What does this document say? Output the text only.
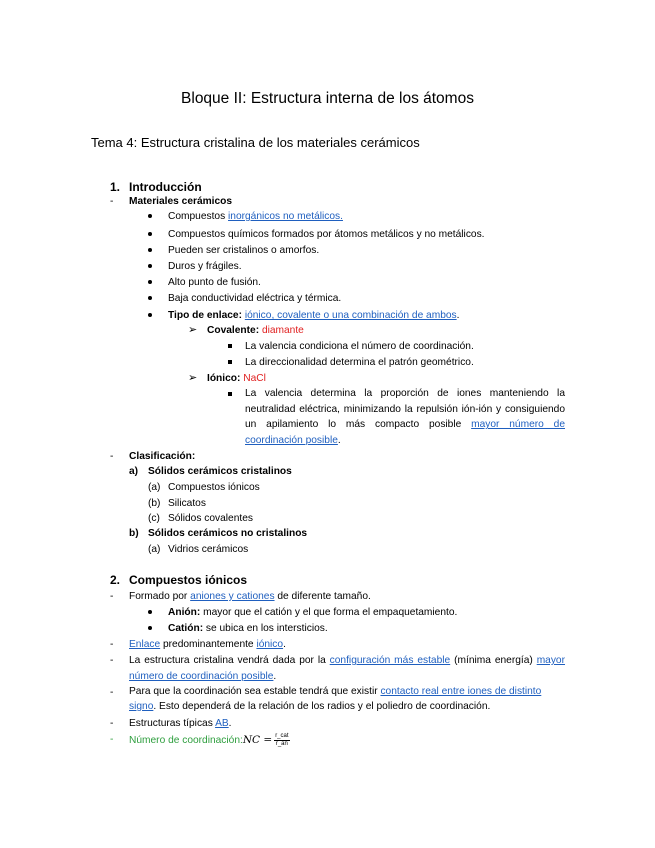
Bloque II: Estructura interna de los átomos
Tema 4: Estructura cristalina de los materiales cerámicos
1. Introducción
- Materiales cerámicos
Compuestos inorgánicos no metálicos.
Compuestos químicos formados por átomos metálicos y no metálicos.
Pueden ser cristalinos o amorfos.
Duros y frágiles.
Alto punto de fusión.
Baja conductividad eléctrica y térmica.
Tipo de enlace: iónico, covalente o una combinación de ambos.
➢ Covalente: diamante
La valencia condiciona el número de coordinación.
La direccionalidad determina el patrón geométrico.
➢ Iónico: NaCl
La valencia determina la proporción de iones manteniendo la neutralidad eléctrica, minimizando la repulsión ión-ión y consiguiendo un apilamiento lo más compacto posible mayor número de coordinación posible.
- Clasificación:
a) Sólidos cerámicos cristalinos
(a) Compuestos iónicos
(b) Silicatos
(c) Sólidos covalentes
b) Sólidos cerámicos no cristalinos
(a) Vidrios cerámicos
2. Compuestos iónicos
- Formado por aniones y cationes de diferente tamaño.
Anión: mayor que el catión y el que forma el empaquetamiento.
Catión: se ubica en los intersticios.
- Enlace predominantemente iónico.
- La estructura cristalina vendrá dada por la configuración más estable (mínima energía) mayor número de coordinación posible.
- Para que la coordinación sea estable tendrá que existir contacto real entre iones de distinto
signo. Esto dependerá de la relación de los radios y el poliedro de coordinación.
- Estructuras típicas AB.
- Número de coordinación:NC = $\frac{\text{r\_cat}}{r\_an}$
